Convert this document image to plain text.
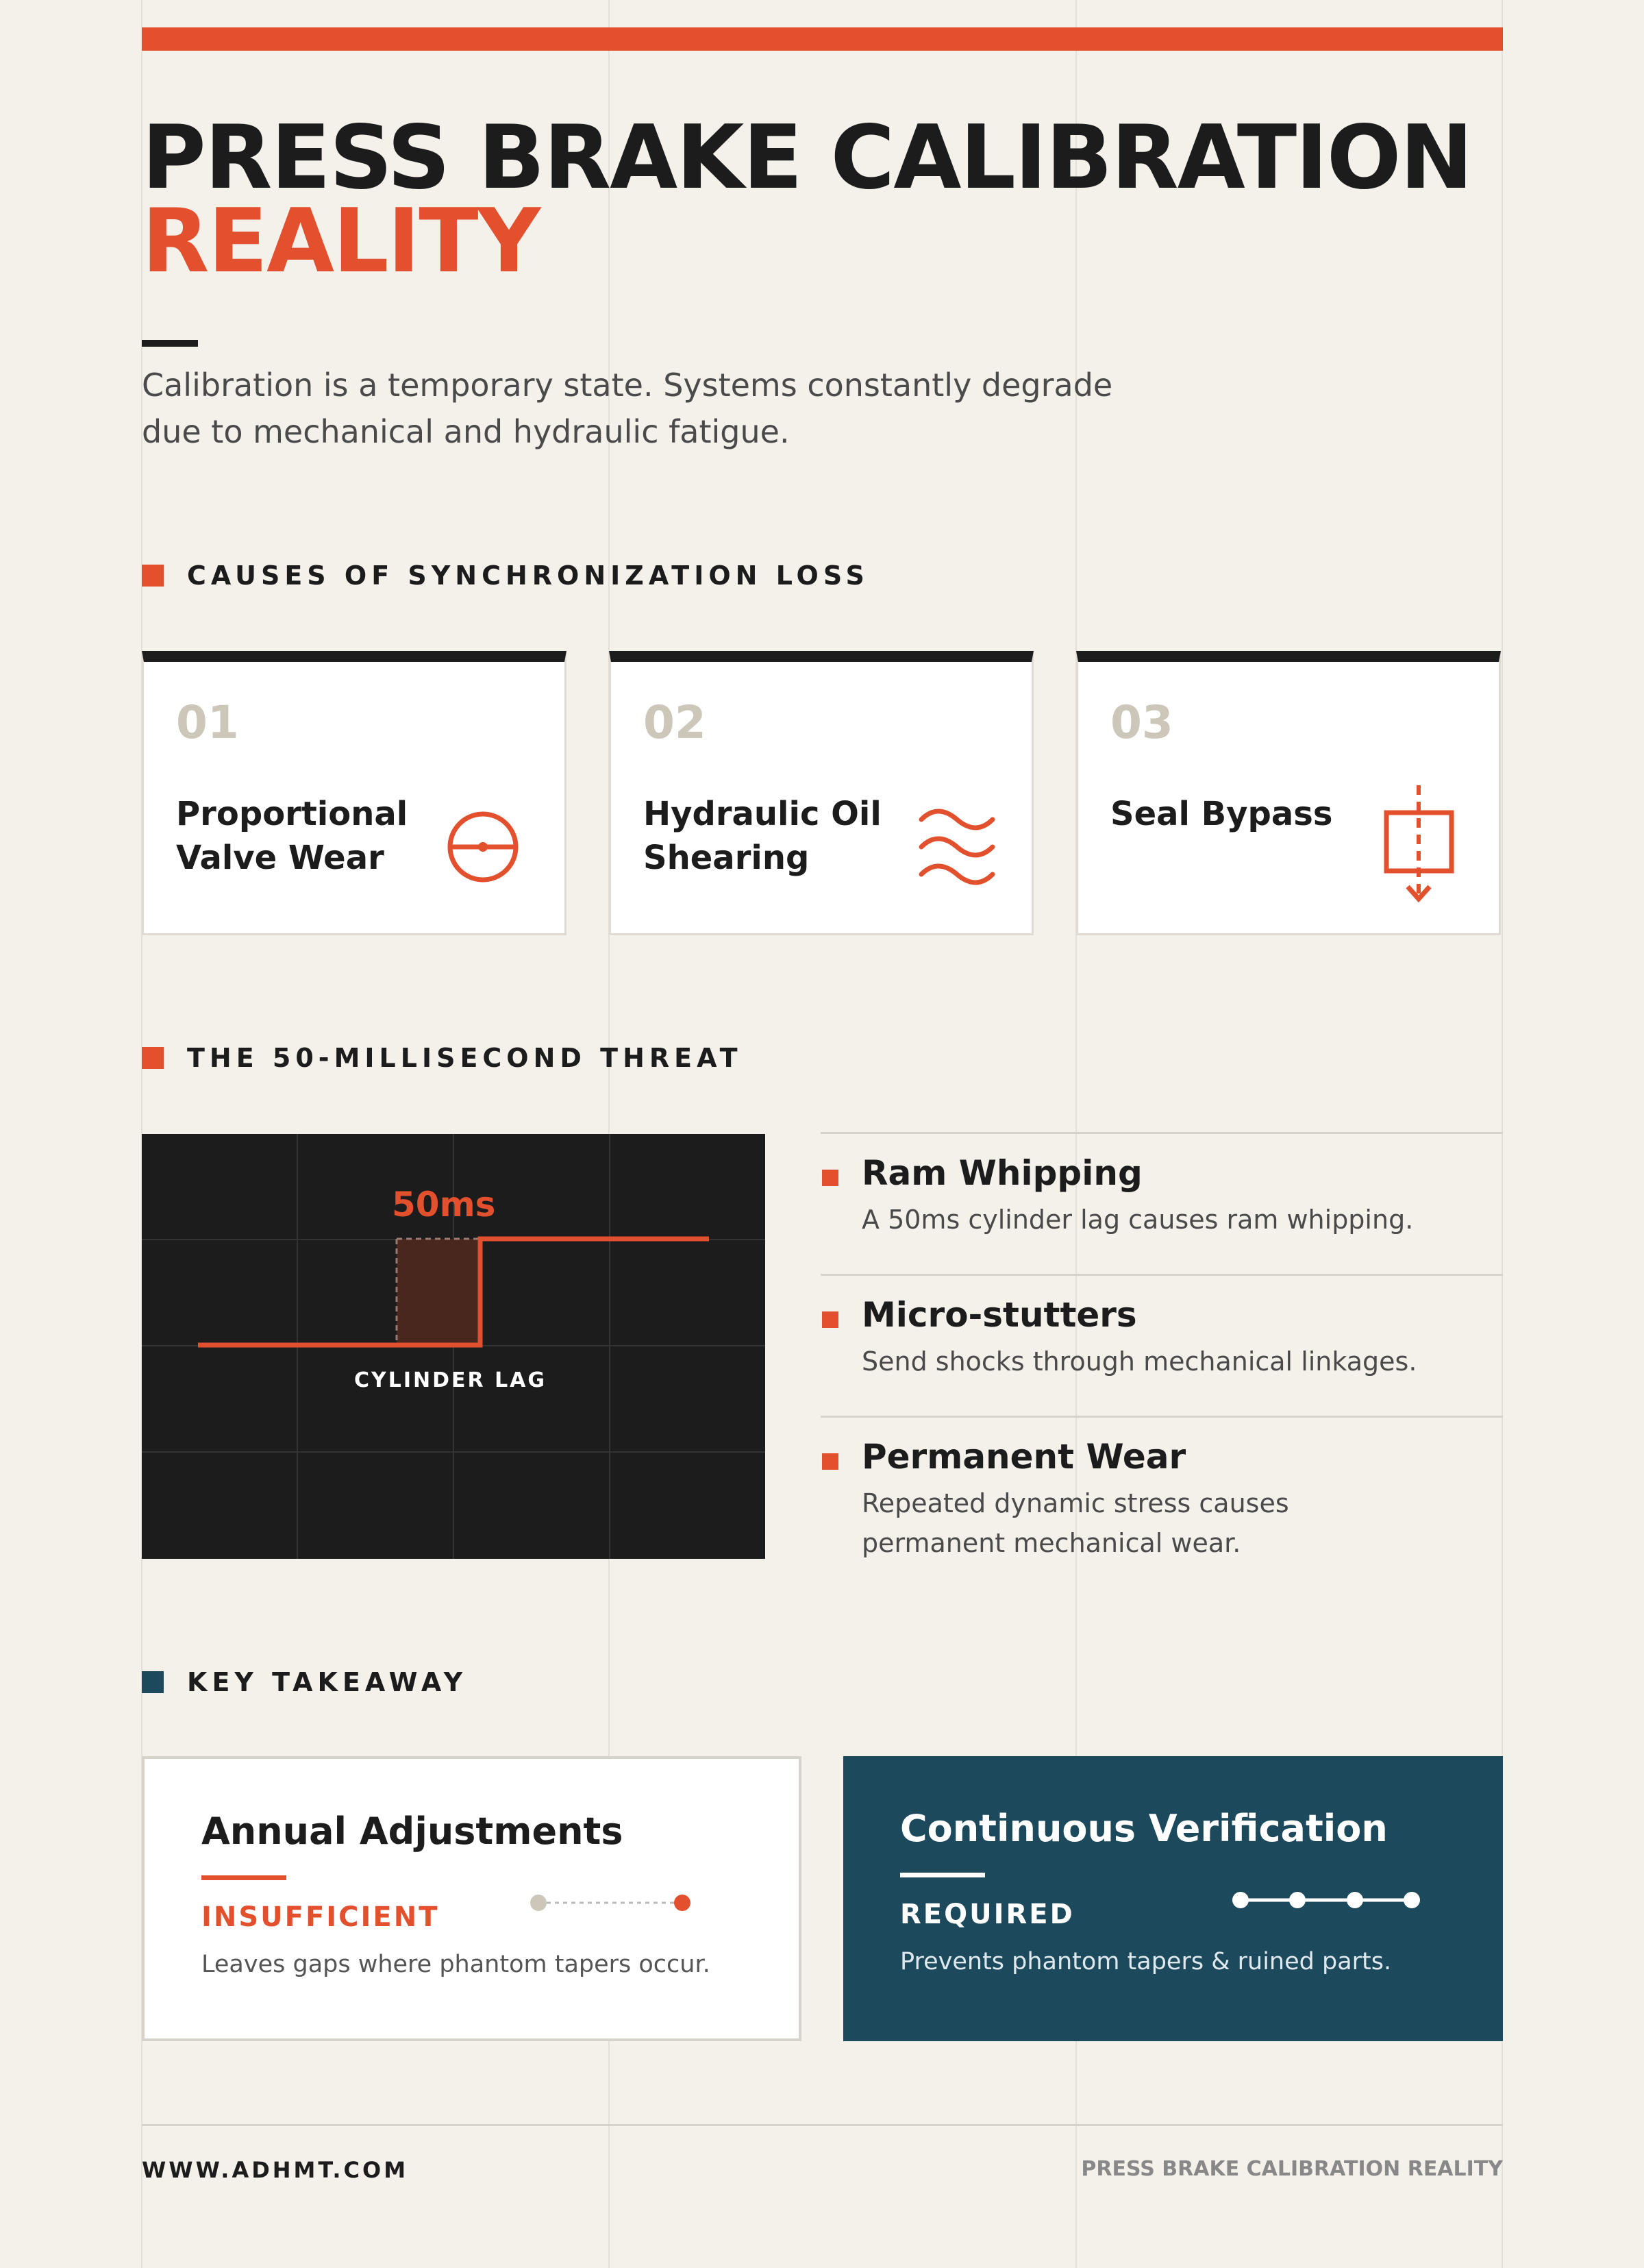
PRESS BRAKE CALIBRATION
REALITY
Calibration is a temporary state. Systems constantly degrade due to mechanical and hydraulic fatigue.
CAUSES OF SYNCHRONIZATION LOSS
01
Proportional Valve Wear
02
Hydraulic Oil Shearing
03
Seal Bypass
THE 50-MILLISECOND THREAT
50ms
CYLINDER LAG
Ram Whipping
A 50ms cylinder lag causes ram whipping.
Micro-stutters
Send shocks through mechanical linkages.
Permanent Wear
Repeated dynamic stress causes permanent mechanical wear.
KEY TAKEAWAY
Annual Adjustments
INSUFFICIENT
Leaves gaps where phantom tapers occur.
Continuous Verification
REQUIRED
Prevents phantom tapers & ruined parts.
WWW.ADHMT.COM	PRESS BRAKE CALIBRATION REALITY
